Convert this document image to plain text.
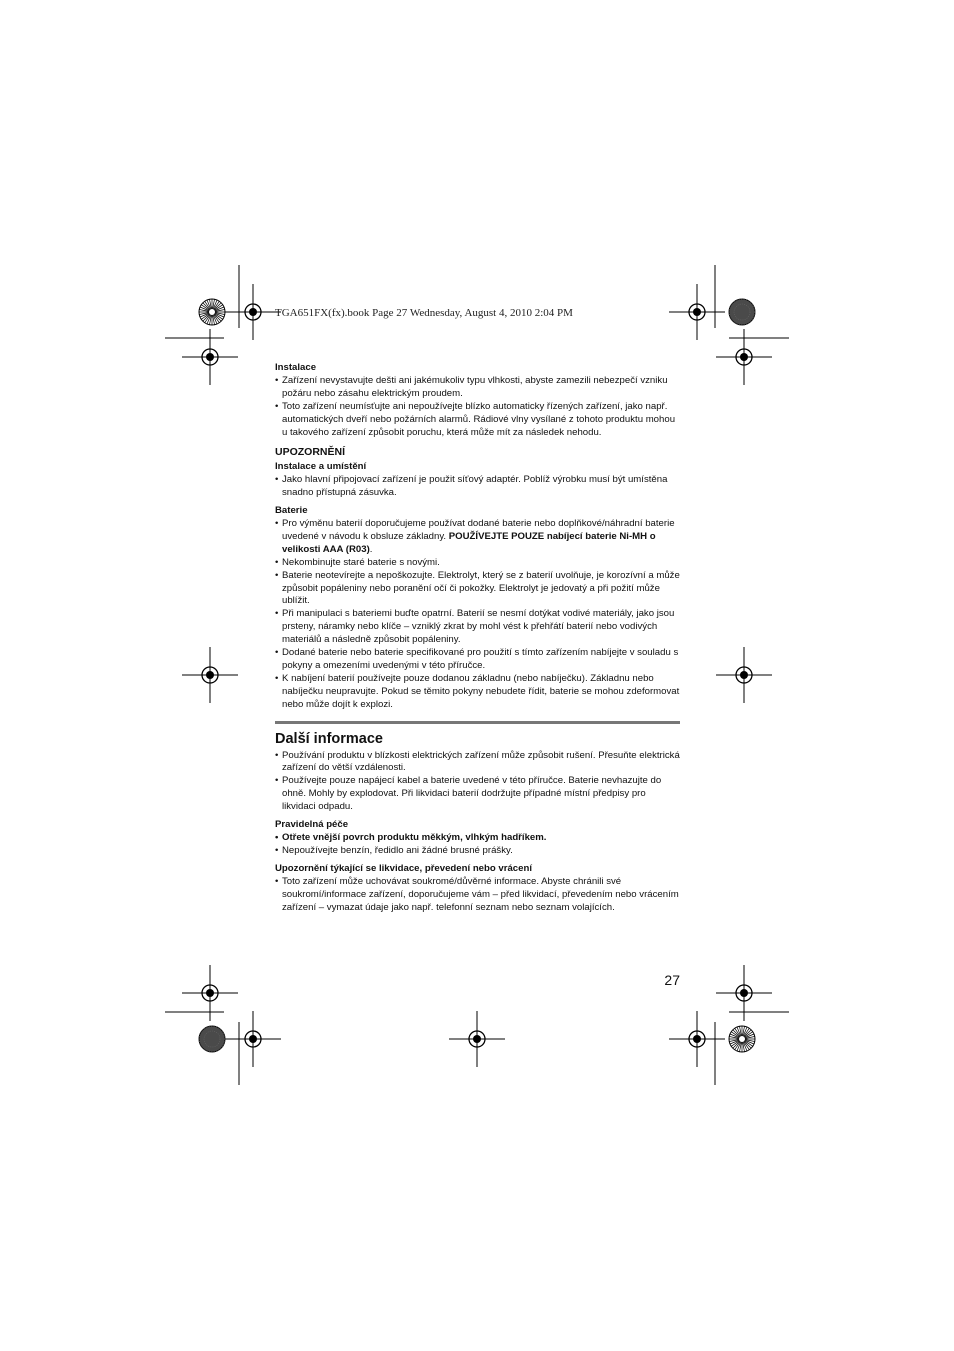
TGA651FX(fx).book Page 27 Wednesday, August 4, 2010 2:04 PM

Instalace

• Zařízení nevystavujte dešti ani jakémukoliv typu vlhkosti, abyste zamezili nebezpečí vzniku požáru nebo zásahu elektrickým proudem.

• Toto zařízení neumísťujte ani nepoužívejte blízko automaticky řízených zařízení, jako např. automatických dveří nebo požárních alarmů. Rádiové vlny vysílané z tohoto produktu mohou u takového zařízení způsobit poruchu, která může mít za následek nehodu.

UPOZORNĚNÍ

Instalace a umístění

• Jako hlavní připojovací zařízení je použit síťový adaptér. Poblíž výrobku musí být umístěna snadno přístupná zásuvka.

Baterie

• Pro výměnu baterií doporučujeme používat dodané baterie nebo doplňkové/náhradní baterie uvedené v návodu k obsluze základny. POUŽÍVEJTE POUZE nabíjecí baterie Ni-MH o velikosti AAA (R03).

• Nekombinujte staré baterie s novými.

• Baterie neotevírejte a nepoškozujte. Elektrolyt, který se z baterií uvolňuje, je korozívní a může způsobit popáleniny nebo poranění očí či pokožky. Elektrolyt je jedovatý a při požití může ublížit.

• Při manipulaci s bateriemi buďte opatrní. Baterií se nesmí dotýkat vodivé materiály, jako jsou prsteny, náramky nebo klíče – vzniklý zkrat by mohl vést k přehřátí baterií nebo vodivých materiálů a následně způsobit popáleniny.

• Dodané baterie nebo baterie specifikované pro použití s tímto zařízením nabíjejte v souladu s pokyny a omezeními uvedenými v této příručce.

• K nabíjení baterií používejte pouze dodanou základnu (nebo nabíječku). Základnu nebo nabíječku neupravujte. Pokud se těmito pokyny nebudete řídit, baterie se mohou zdeformovat nebo může dojít k explozi.

Další informace

• Používání produktu v blízkosti elektrických zařízení může způsobit rušení. Přesuňte elektrická zařízení do větší vzdálenosti.

• Používejte pouze napájecí kabel a baterie uvedené v této příručce. Baterie nevhazujte do ohně. Mohly by explodovat. Při likvidaci baterií dodržujte případné místní předpisy pro likvidaci odpadu.

Pravidelná péče

• Otřete vnější povrch produktu měkkým, vlhkým hadříkem.

• Nepoužívejte benzín, ředidlo ani žádné brusné prášky.

Upozornění týkající se likvidace, převedení nebo vrácení

• Toto zařízení může uchovávat soukromé/důvěrné informace. Abyste chránili své soukromí/informace zařízení, doporučujeme vám – před likvidací, převedením nebo vrácením zařízení – vymazat údaje jako např. telefonní seznam nebo seznam volajících.

27
